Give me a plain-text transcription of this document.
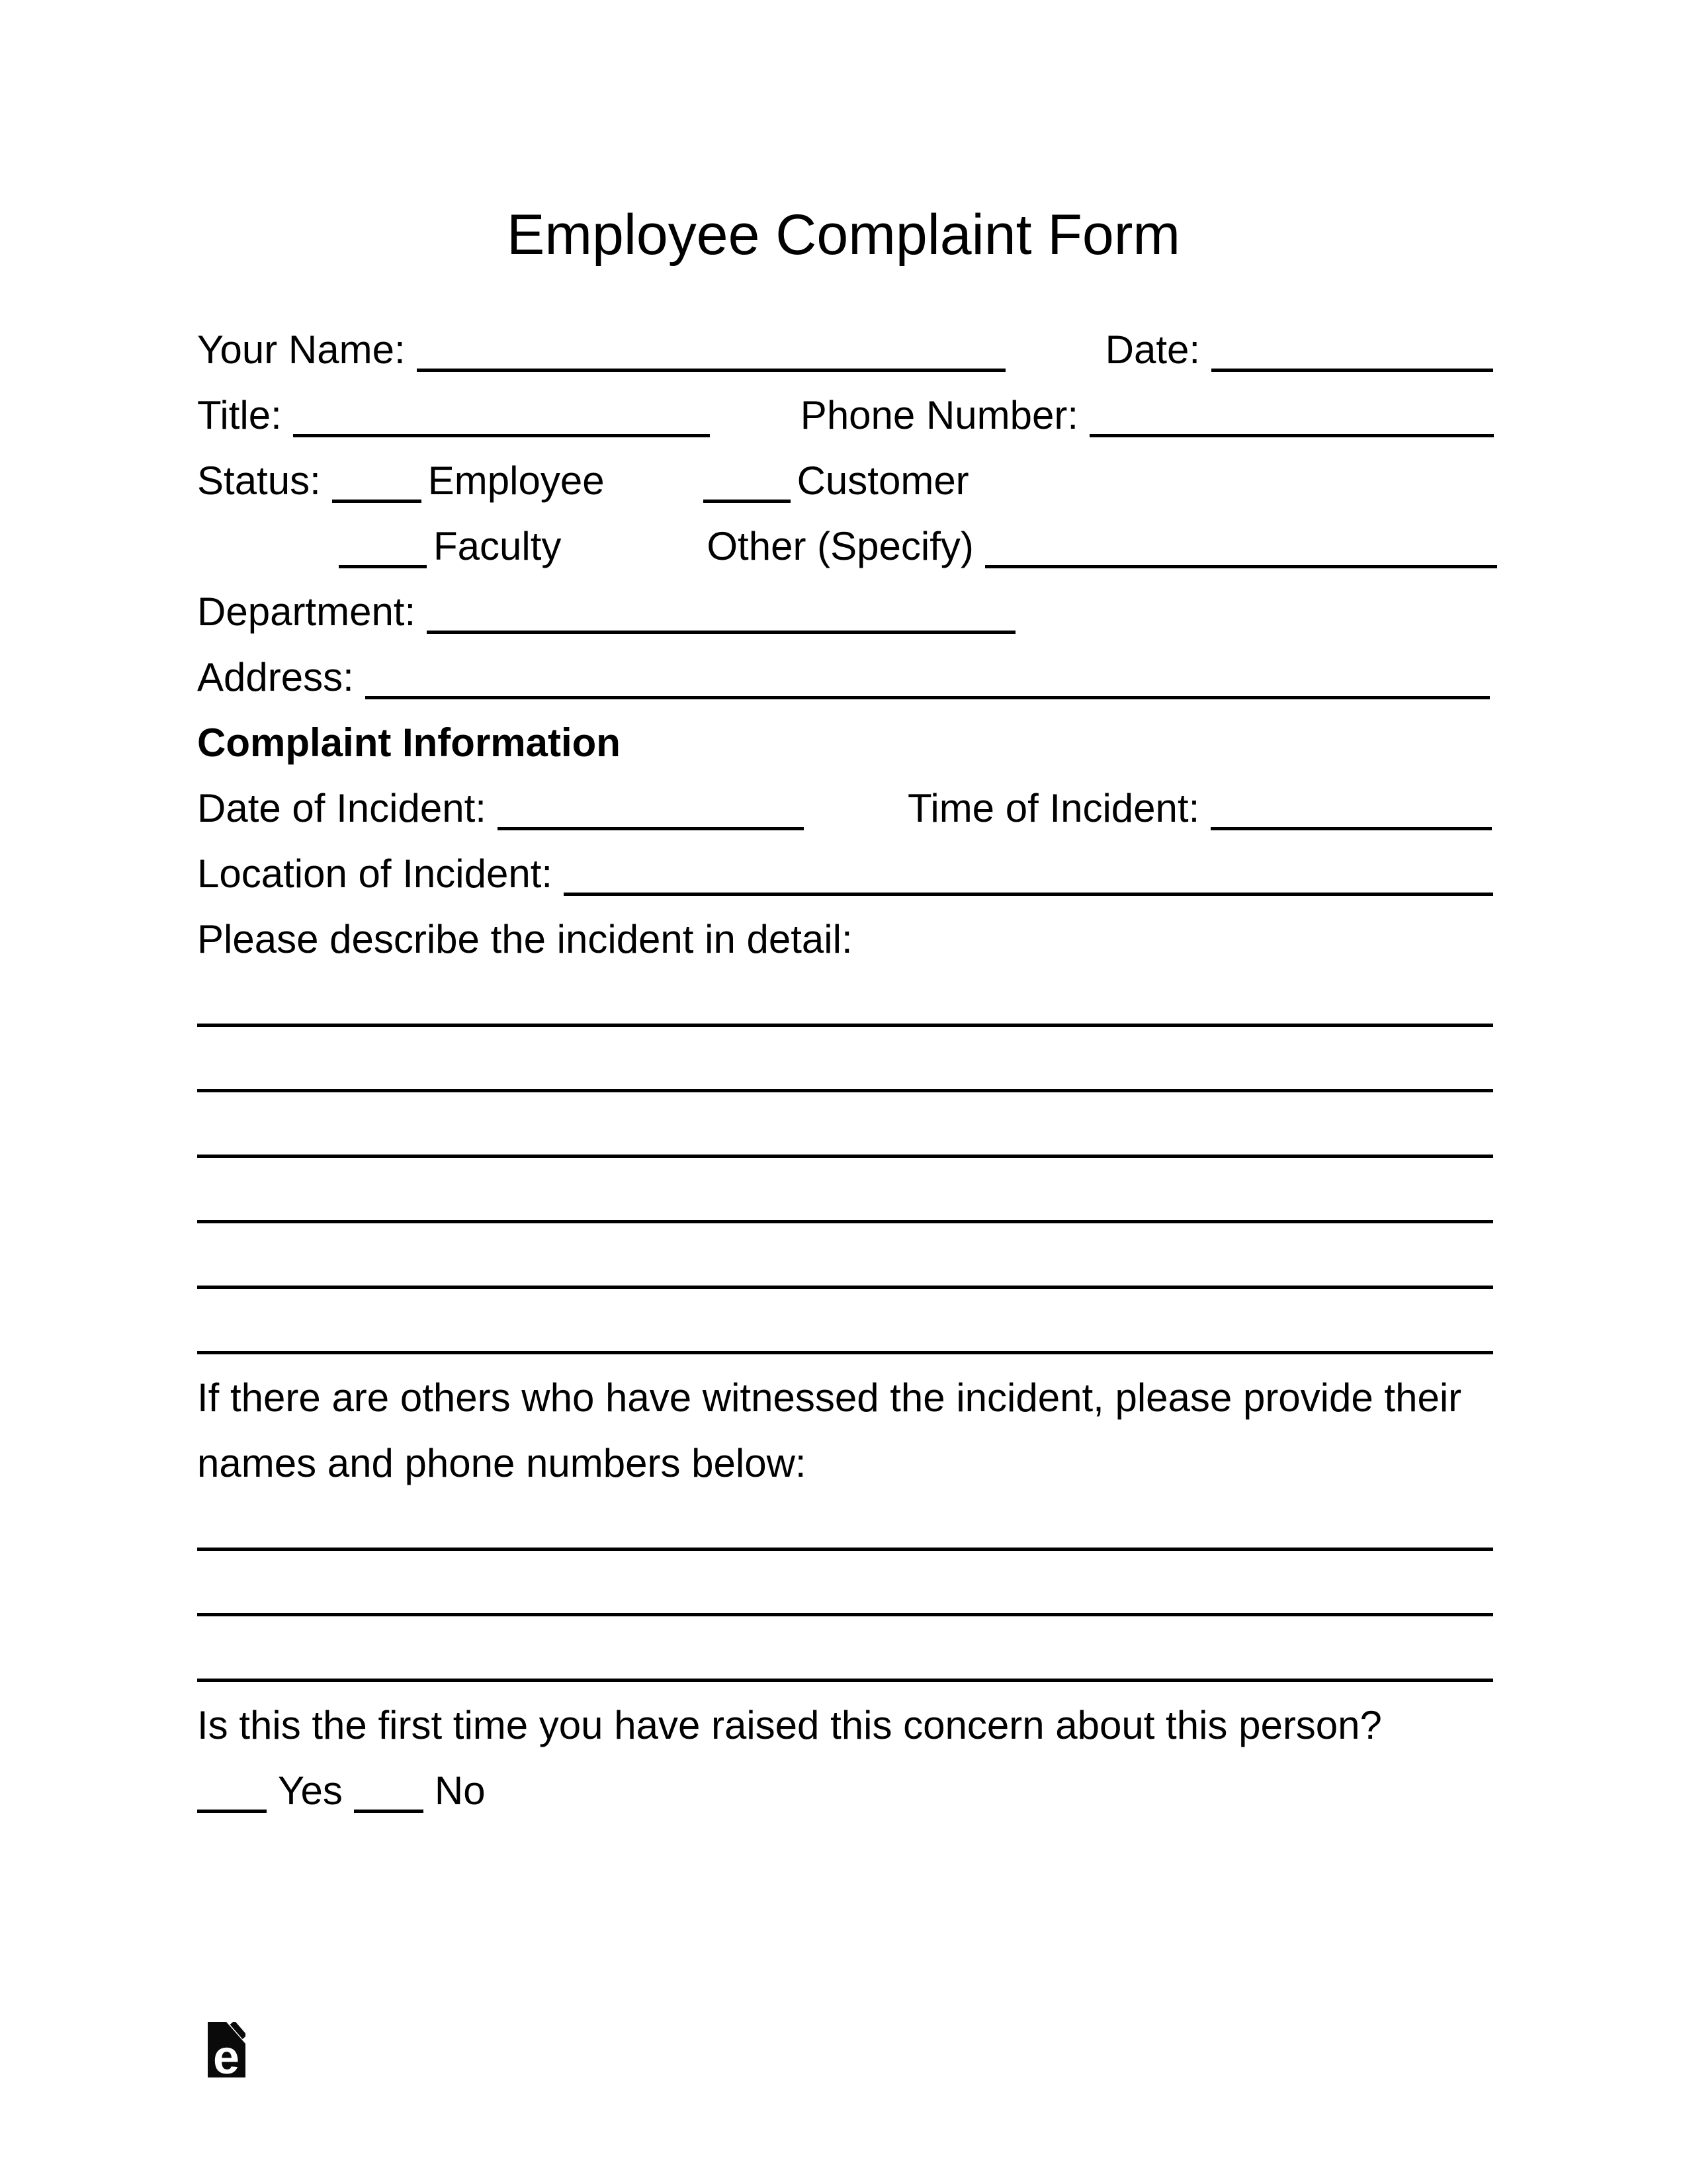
Employee Complaint Form
Your Name:	Date:
Title:	Phone Number:
Status:	Employee	Customer
Faculty	Other (Specify)
Department:
Address:
Complaint Information
Date of Incident:	Time of Incident:
Location of Incident:
Please describe the incident in detail:
If there are others who have witnessed the incident, please provide their names and phone numbers below:
Is this the first time you have raised this concern about this person?
Yes No
e
